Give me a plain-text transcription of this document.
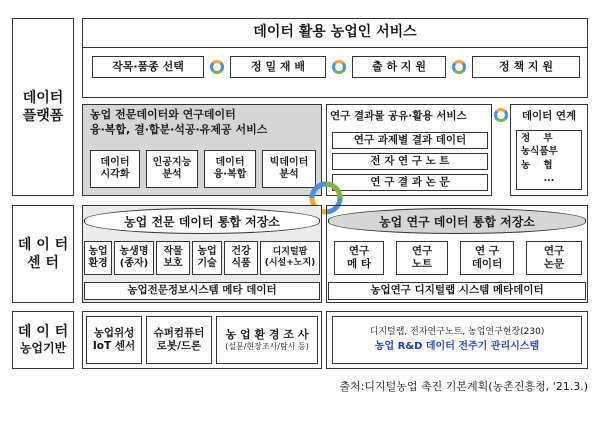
데이터
플랫폼
데 이 터
센 터
데 이 터
농업기반
데이터 활용 농업인 서비스
작목·품종 선택	정 밀 재 배	출 하 지 원	정 책 지 원
농업 전문데이터와 연구데이터
융·복합, 결·합분·석공·유제공 서비스
데이터
시각화
인공지능
분석
데이터
융·복합
빅데이터
분석
연구 결과물 공유·활용 서비스
연구 과제별 결과 데이터
전 자 연 구 노 트
연 구 결 과 논 문
데이터 연계
정    부
농식품부
농    협
...
농업 전문 데이터 통합 저장소
농업
환경
농생명
(종자)
작물
보호
농업
기술
건강
식품
디지털팜
(시설+노지)
농업전문정보시스템 메타 데이터
농업 연구 데이터 통합 저장소
연구
메 타
연구
노트
연 구
데이터
연구
논문
농업연구 디지털랩 시스템 메타데이터
농업위성
IoT 센서
슈퍼컴퓨터
로봇/드론
농 업 환 경 조 사
(설문/현장조사/탐사 등)
디지털랩, 전자연구노트, 농업연구현장(230)
농업 R&D 데이터 전주기 관리시스템
출처:디지털농업 촉진 기본계획(농촌진흥청, '21.3.)
